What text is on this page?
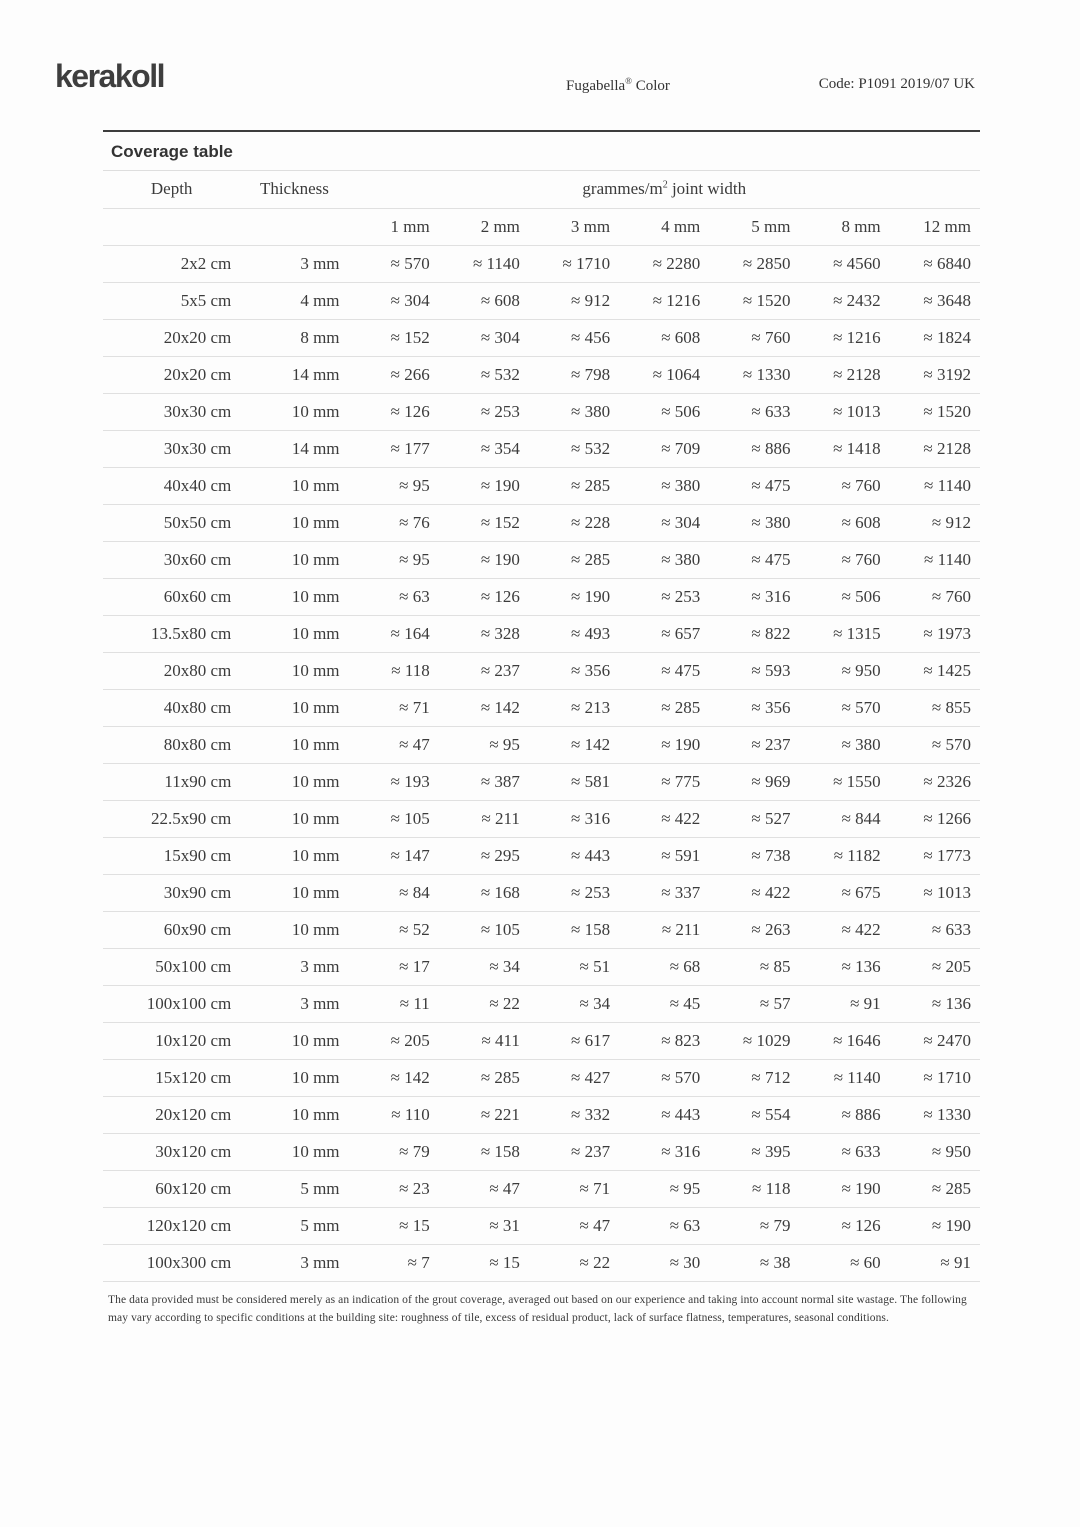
kerakoll	Fugabella® Color	Code: P1091 2019/07 UK
Coverage table
Depth	Thickness	grammes/$m^2$ joint width						
		1 mm	2 mm	3 mm	4 mm	5 mm	8 mm	12 mm
2x2 cm	3 mm	≈ 570	≈ 1140	≈ 1710	≈ 2280	≈ 2850	≈ 4560	≈ 6840
5x5 cm	4 mm	≈ 304	≈ 608	≈ 912	≈ 1216	≈ 1520	≈ 2432	≈ 3648
20x20 cm	8 mm	≈ 152	≈ 304	≈ 456	≈ 608	≈ 760	≈ 1216	≈ 1824
20x20 cm	14 mm	≈ 266	≈ 532	≈ 798	≈ 1064	≈ 1330	≈ 2128	≈ 3192
30x30 cm	10 mm	≈ 126	≈ 253	≈ 380	≈ 506	≈ 633	≈ 1013	≈ 1520
30x30 cm	14 mm	≈ 177	≈ 354	≈ 532	≈ 709	≈ 886	≈ 1418	≈ 2128
40x40 cm	10 mm	≈ 95	≈ 190	≈ 285	≈ 380	≈ 475	≈ 760	≈ 1140
50x50 cm	10 mm	≈ 76	≈ 152	≈ 228	≈ 304	≈ 380	≈ 608	≈ 912
30x60 cm	10 mm	≈ 95	≈ 190	≈ 285	≈ 380	≈ 475	≈ 760	≈ 1140
60x60 cm	10 mm	≈ 63	≈ 126	≈ 190	≈ 253	≈ 316	≈ 506	≈ 760
13.5x80 cm	10 mm	≈ 164	≈ 328	≈ 493	≈ 657	≈ 822	≈ 1315	≈ 1973
20x80 cm	10 mm	≈ 118	≈ 237	≈ 356	≈ 475	≈ 593	≈ 950	≈ 1425
40x80 cm	10 mm	≈ 71	≈ 142	≈ 213	≈ 285	≈ 356	≈ 570	≈ 855
80x80 cm	10 mm	≈ 47	≈ 95	≈ 142	≈ 190	≈ 237	≈ 380	≈ 570
11x90 cm	10 mm	≈ 193	≈ 387	≈ 581	≈ 775	≈ 969	≈ 1550	≈ 2326
22.5x90 cm	10 mm	≈ 105	≈ 211	≈ 316	≈ 422	≈ 527	≈ 844	≈ 1266
15x90 cm	10 mm	≈ 147	≈ 295	≈ 443	≈ 591	≈ 738	≈ 1182	≈ 1773
30x90 cm	10 mm	≈ 84	≈ 168	≈ 253	≈ 337	≈ 422	≈ 675	≈ 1013
60x90 cm	10 mm	≈ 52	≈ 105	≈ 158	≈ 211	≈ 263	≈ 422	≈ 633
50x100 cm	3 mm	≈ 17	≈ 34	≈ 51	≈ 68	≈ 85	≈ 136	≈ 205
100x100 cm	3 mm	≈ 11	≈ 22	≈ 34	≈ 45	≈ 57	≈ 91	≈ 136
10x120 cm	10 mm	≈ 205	≈ 411	≈ 617	≈ 823	≈ 1029	≈ 1646	≈ 2470
15x120 cm	10 mm	≈ 142	≈ 285	≈ 427	≈ 570	≈ 712	≈ 1140	≈ 1710
20x120 cm	10 mm	≈ 110	≈ 221	≈ 332	≈ 443	≈ 554	≈ 886	≈ 1330
30x120 cm	10 mm	≈ 79	≈ 158	≈ 237	≈ 316	≈ 395	≈ 633	≈ 950
60x120 cm	5 mm	≈ 23	≈ 47	≈ 71	≈ 95	≈ 118	≈ 190	≈ 285
120x120 cm	5 mm	≈ 15	≈ 31	≈ 47	≈ 63	≈ 79	≈ 126	≈ 190
100x300 cm	3 mm	≈ 7	≈ 15	≈ 22	≈ 30	≈ 38	≈ 60	≈ 91

The data provided must be considered merely as an indication of the grout coverage, averaged out based on our experience and taking into account normal site wastage. The following may vary according to specific conditions at the building site: roughness of tile, excess of residual product, lack of surface flatness, temperatures, seasonal conditions.
